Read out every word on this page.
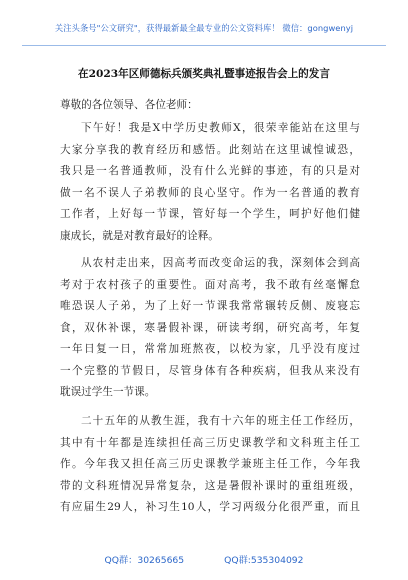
关注头条号"公文研究"，获得最新最全最专业的公文资料库！ 微信：gongwenyj
在2023年区师德标兵颁奖典礼暨事迹报告会上的发言
尊敬的各位领导、各位老师：
下午好！我是X中学历史教师X，很荣幸能站在这里与
大家分享我的教育经历和感悟。此刻站在这里诚惶诚恐，
我只是一名普通教师，没有什么光鲜的事迹，有的只是对
做一名不误人子弟教师的良心坚守。作为一名普通的教育
工作者，上好每一节课，管好每一个学生，呵护好他们健
康成长，就是对教育最好的诠释。
从农村走出来，因高考而改变命运的我，深刻体会到高
考对于农村孩子的重要性。面对高考，我不敢有丝毫懈怠
唯恐误人子弟，为了上好一节课我常常辗转反侧、废寝忘
食，双休补课，寒暑假补课，研读考纲，研究高考，年复
一年日复一日，常常加班熬夜，以校为家，几乎没有度过
一个完整的节假日，尽管身体有各种疾病，但我从来没有
耽误过学生一节课。
二十五年的从教生涯，我有十六年的班主任工作经历，
其中有十年都是连续担任高三历史课教学和文科班主任工
作。今年我又担任高三历史课教学兼班主任工作，今年我
带的文科班情况异常复杂，这是暑假补课时的重组班级，
有应届生29人，补习生10人，学习两级分化很严重，而且
QQ群：30265665	QQ群:535304092
